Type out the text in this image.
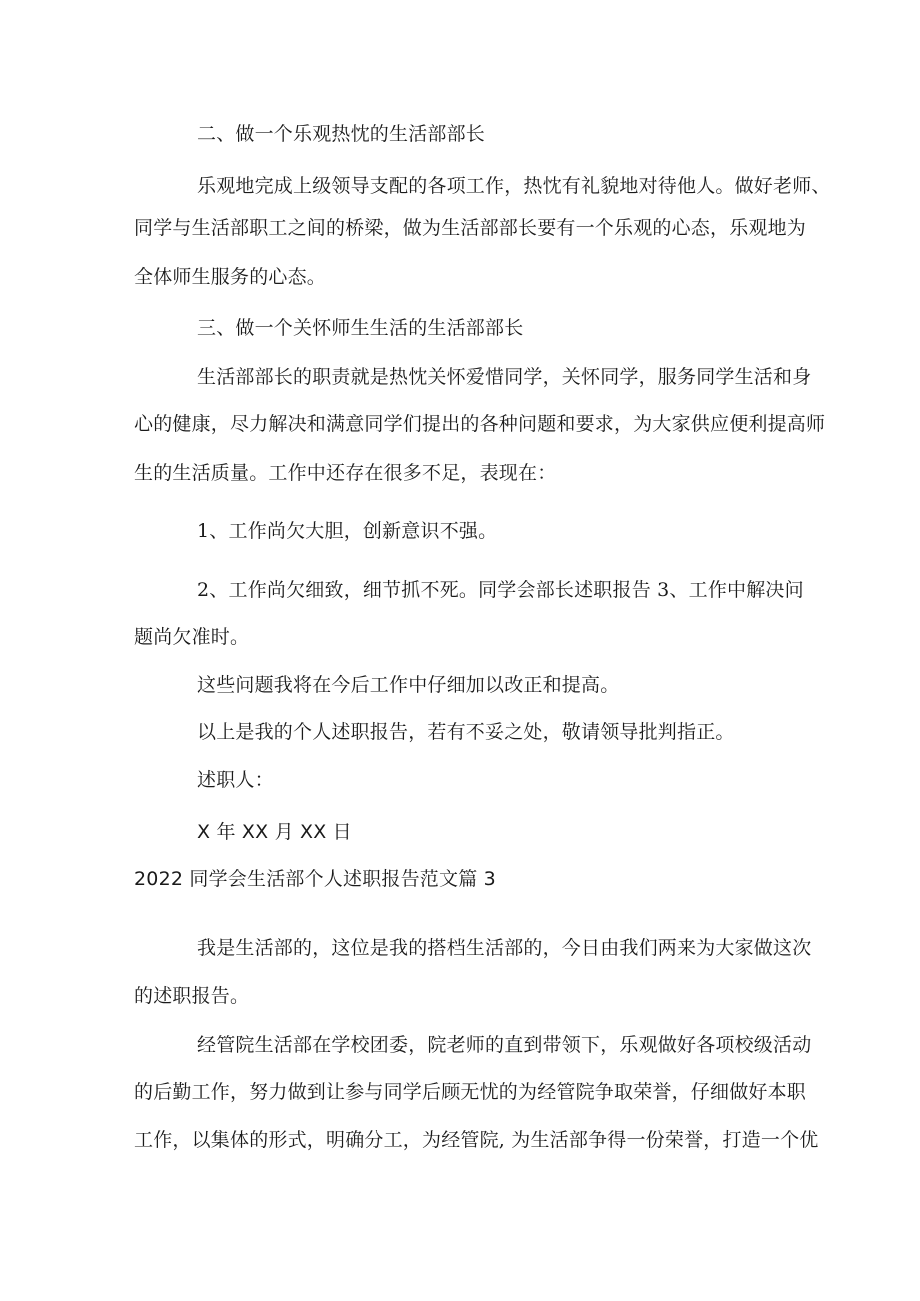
二、做一个乐观热忱的生活部部长
乐观地完成上级领导支配的各项工作，热忱有礼貌地对待他人。做好老师、
同学与生活部职工之间的桥梁，做为生活部部长要有一个乐观的心态，乐观地为
全体师生服务的心态。
三、做一个关怀师生生活的生活部部长
生活部部长的职责就是热忱关怀爱惜同学，关怀同学，服务同学生活和身
心的健康，尽力解决和满意同学们提出的各种问题和要求，为大家供应便利提高师
生的生活质量。工作中还存在很多不足，表现在：
1、工作尚欠大胆，创新意识不强。
2、工作尚欠细致，细节抓不死。同学会部长述职报告 3、工作中解决问
题尚欠准时。
这些问题我将在今后工作中仔细加以改正和提高。
以上是我的个人述职报告，若有不妥之处，敬请领导批判指正。
述职人：
X 年 XX 月 XX 日
2022 同学会生活部个人述职报告范文篇 3
我是生活部的，这位是我的搭档生活部的，今日由我们两来为大家做这次
的述职报告。
经管院生活部在学校团委，院老师的直到带领下，乐观做好各项校级活动
的后勤工作，努力做到让参与同学后顾无忧的为经管院争取荣誉，仔细做好本职
工作，以集体的形式，明确分工，为经管院, 为生活部争得一份荣誉，打造一个优
